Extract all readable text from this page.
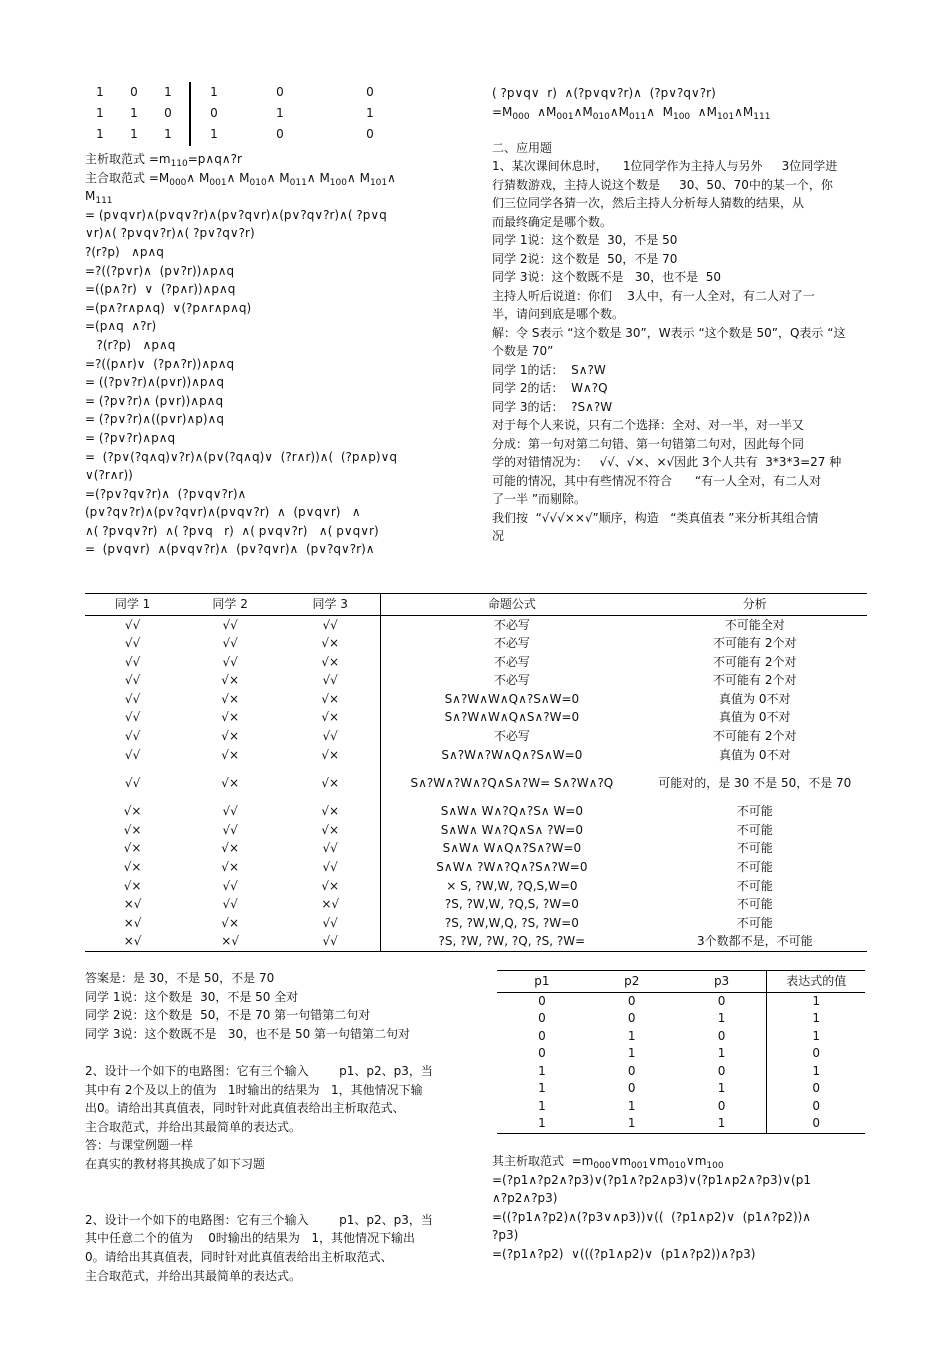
1	0	1	1	0	0
1	1	0	0	1	1
1	1	1	1	0	0
主析取范式 $=m_{110}=p\wedge q\wedge?r$
主合取范式 $=M_{000}\wedge$ $M_{001}\wedge$ $M_{010}\wedge$ $M_{011}\wedge$ $M_{100}\wedge$ $M_{101}\wedge$
$M_{111}$
= (p∨q∨r)∧(p∨q∨?r)∧(p∨?q∨r)∧(p∨?q∨?r)∧( ?p∨q
∨r)∧( ?p∨q∨?r)∧( ?p∨?q∨?r)
?(r?p)   ∧p∧q
=?((?p∨r)∧  (p∨?r))∧p∧q
=((p∧?r)  ∨  (?p∧r))∧p∧q
=(p∧?r∧p∧q)  ∨(?p∧r∧p∧q)
=(p∧q  ∧?r)
?(r?p)   ∧p∧q
=?((p∧r)∨  (?p∧?r))∧p∧q
= ((?p∨?r)∧(p∨r))∧p∧q
= (?p∨?r)∧ (p∨r))∧p∧q
= (?p∨?r)∧((p∨r)∧p)∧q
= (?p∨?r)∧p∧q
=  (?p∨(?q∧q)∨?r)∧(p∨(?q∧q)∨  (?r∧r))∧(  (?p∧p)∨q
∨(?r∧r))
=(?p∨?q∨?r)∧  (?p∨q∨?r)∧
(p∨?q∨?r)∧(p∨?q∨r)∧(p∨q∨?r)  ∧  (p∨q∨r)   ∧
∧( ?p∨q∨?r)  ∧( ?p∨q   r)  ∧( p∨q∨?r)   ∧( p∨q∨r)
=  (p∨q∨r)  ∧(p∨q∨?r)∧  (p∨?q∨r)∧  (p∨?q∨?r)∧
( ?p∨q∨  r)  ∧(?p∨q∨?r)∧  (?p∨?q∨?r)
$=M_{000}$  $\wedge M_{001}\wedge M_{010}\wedge M_{011}\wedge$  $M_{100}$  $\wedge M_{101}\wedge M_{111}$
二、应用题
1、某次课间休息时，    1位同学作为主持人与另外     3位同学进
行猜数游戏，主持人说这个数是     30、50、70中的某一个，你
们三位同学各猜一次，然后主持人分析每人猜数的结果，从
而最终确定是哪个数。
同学 1说：这个数是  30，不是 50
同学 2说：这个数是  50，不是 70
同学 3说：这个数既不是   30，也不是  50
主持人听后说道：你们    3人中，有一人全对，有二人对了一
半，请问到底是哪个数。
解：令 S表示 “这个数是 30”，W表示 “这个数是 50”，Q表示 “这
个数是 70”
同学 1的话：  S∧?W
同学 2的话：  W∧?Q
同学 3的话：  ?S∧?W
对于每个人来说，只有二个选择：全对、对一半，对一半又
分成：第一句对第二句错、第一句错第二句对，因此每个同
学的对错情况为：   √√、√×、×√因此 3个人共有  3*3*3=27 种
可能的情况，其中有些情况不符合      “有一人全对，有二人对
了一半 ”而剔除。
我们按  “√√√××√”顺序，构造   “类真值表 ”来分析其组合情
况
同学 1	同学 2	同学 3	命题公式	分析
√√	√√	√√	不必写	不可能全对
√√	√√	√×	不必写	不可能有 2个对
√√	√√	√×	不必写	不可能有 2个对
√√	√×	√√	不必写	不可能有 2个对
√√	√×	√×	S∧?W∧W∧Q∧?S∧W=0	真值为 0不对
√√	√×	√×	S∧?W∧W∧Q∧S∧?W=0	真值为 0不对
√√	√×	√√	不必写	不可能有 2个对
√√	√×	√×	S∧?W∧?W∧Q∧?S∧W=0	真值为 0不对
√√	√×	√×	S∧?W∧?W∧?Q∧S∧?W= S∧?W∧?Q	可能对的，是 30 不是 50，不是 70
√×	√√	√×	S∧W∧ W∧?Q∧?S∧ W=0	不可能
√×	√√	√×	S∧W∧ W∧?Q∧S∧ ?W=0	不可能
√×	√×	√√	S∧W∧ W∧Q∧?S∧?W=0	不可能
√×	√×	√√	S∧W∧ ?W∧?Q∧?S∧?W=0	不可能
√×	√√	√×	× S, ?W,W, ?Q,S,W=0	不可能
×√	√√	×√	?S, ?W,W, ?Q,S, ?W=0	不可能
×√	√×	√√	?S, ?W,W,Q, ?S, ?W=0	不可能
×√	×√	√√	?S, ?W, ?W, ?Q, ?S, ?W=	3个数都不是，不可能
答案是：是 30，不是 50，不是 70
同学 1说：这个数是  30，不是 50 全对
同学 2说：这个数是  50，不是 70 第一句错第二句对
同学 3说：这个数既不是   30，也不是 50 第一句错第二句对

2、设计一个如下的电路图：它有三个输入        p1、p2、p3，当
其中有 2个及以上的值为   1时输出的结果为   1，其他情况下输
出0。请给出其真值表，同时针对此真值表给出主析取范式、
主合取范式，并给出其最简单的表达式。
答：与课堂例题一样
在真实的教材将其换成了如下习题

2、设计一个如下的电路图：它有三个输入        p1、p2、p3，当
其中任意二个的值为    0时输出的结果为   1，其他情况下输出
0。请给出其真值表，同时针对此真值表给出主析取范式、
主合取范式，并给出其最简单的表达式。
p1	p2	p3	表达式的值
0	0	0	1
0	0	1	1
0	1	0	1
0	1	1	0
1	0	0	1
1	0	1	0
1	1	0	0
1	1	1	0
其主析取范式  $=m_{000}\vee m_{001}\vee m_{010}\vee m_{100}$
=(?p1∧?p2∧?p3)∨(?p1∧?p2∧p3)∨(?p1∧p2∧?p3)∨(p1
∧?p2∧?p3)
=((?p1∧?p2)∧(?p3∨∧p3))∨((  (?p1∧p2)∨  (p1∧?p2))∧
?p3)
=(?p1∧?p2)  ∨(((?p1∧p2)∨  (p1∧?p2))∧?p3)
